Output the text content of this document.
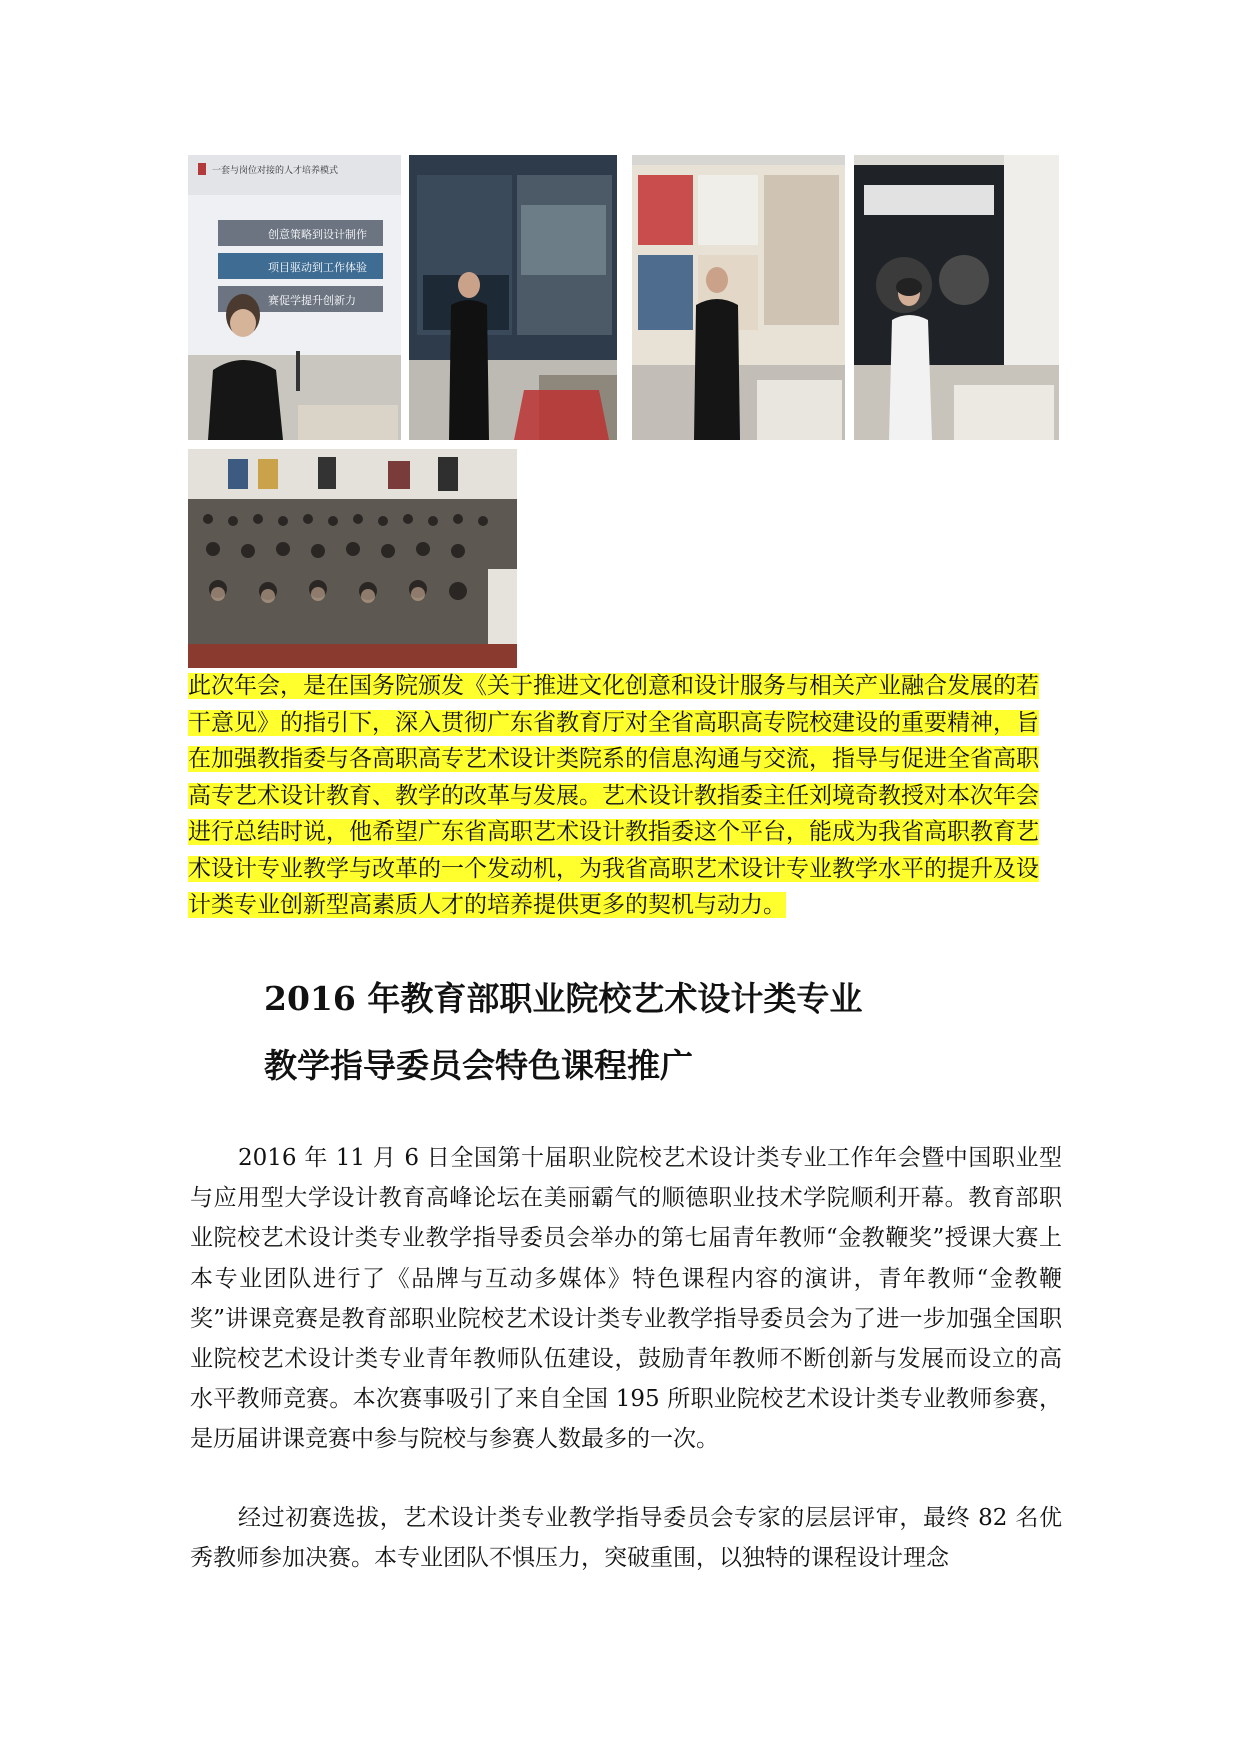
一套与岗位对接的人才培养模式
创意策略到设计制作
项目驱动到工作体验
赛促学提升创新力

此次年会，是在国务院颁发《关于推进文化创意和设计服务与相关产业融合发展的若干意见》的指引下，深入贯彻广东省教育厅对全省高职高专院校建设的重要精神，旨在加强教指委与各高职高专艺术设计类院系的信息沟通与交流，指导与促进全省高职高专艺术设计教育、教学的改革与发展。艺术设计教指委主任刘境奇教授对本次年会进行总结时说，他希望广东省高职艺术设计教指委这个平台，能成为我省高职教育艺术设计专业教学与改革的一个发动机，为我省高职艺术设计专业教学水平的提升及设计类专业创新型高素质人才的培养提供更多的契机与动力。

2016 年教育部职业院校艺术设计类专业
教学指导委员会特色课程推广

2016 年 11 月 6 日全国第十届职业院校艺术设计类专业工作年会暨中国职业型与应用型大学设计教育高峰论坛在美丽霸气的顺德职业技术学院顺利开幕。教育部职业院校艺术设计类专业教学指导委员会举办的第七届青年教师“金教鞭奖”授课大赛上本专业团队进行了《品牌与互动多媒体》特色课程内容的演讲，青年教师“金教鞭奖”讲课竞赛是教育部职业院校艺术设计类专业教学指导委员会为了进一步加强全国职业院校艺术设计类专业青年教师队伍建设，鼓励青年教师不断创新与发展而设立的高水平教师竞赛。本次赛事吸引了来自全国 195 所职业院校艺术设计类专业教师参赛，是历届讲课竞赛中参与院校与参赛人数最多的一次。

经过初赛选拔，艺术设计类专业教学指导委员会专家的层层评审，最终 82 名优秀教师参加决赛。本专业团队不惧压力，突破重围，以独特的课程设计理念
